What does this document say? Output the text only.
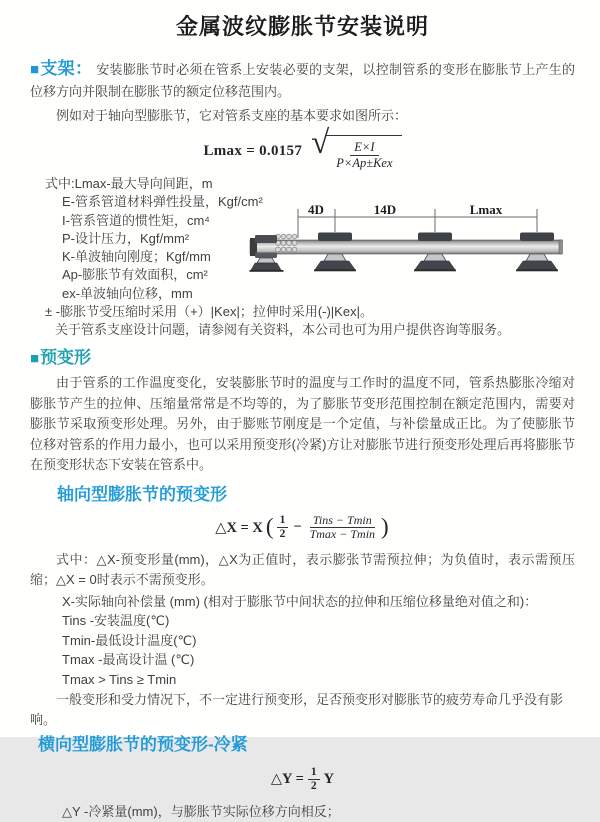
金属波纹膨胀节安装说明

■支架： 安装膨胀节时必须在管系上安装必要的支架，以控制管系的变形在膨胀节上产生的位移方向并限制在膨胀节的额定位移范围内。

例如对于轴向型膨胀节，它对管系支座的基本要求如图所示：

Lmax = 0.0157 √ $\frac{E\times I}{\text{P×Ap±Kex}}$
式中:Lmax-最大导向间距，m
E-管系管道材料弹性投量，Kgf/cm²
I-管系管道的惯性矩，cm⁴
P-设计压力，Kgf/mm²
K-单波轴向刚度；Kgf/mm
Ap-膨胀节有效面积，cm²
ex-单波轴向位移，mm
± -膨胀节受压缩时采用（+）|Kex|；拉伸时采用(-)|Kex|。
关于管系支座设计问题，请参阅有关资料，本公司也可为用户提供咨询等服务。
4D	14D	Lmax
■预变形

由于管系的工作温度变化，安装膨胀节时的温度与工作时的温度不同，管系热膨胀冷缩对膨胀节产生的拉伸、压缩量常常是不均等的，为了膨胀节变形范围控制在额定范围内，需要对膨胀节采取预变形处理。另外，由于膨账节刚度是一个定值，与补偿量成正比。为了使膨胀节位移对管系的作用力最小，也可以采用预变形(冷紧)方让对膨胀节进行预变形处理后再将膨胀节在预变形状态下安装在管系中。

轴向型膨胀节的预变形
△X = X ( 1
2 − Tins − Tmin
Tmax − Tmin )

式中：△X-预变形量(mm)，△X为正值时，表示膨张节需预拉伸；为负值时，表示需预压缩；△X = 0时表示不需预变形。

X-实际轴向补偿量 (mm) (相对于膨胀节中间状态的拉伸和压缩位移量绝对值之和)：
Tins -安装温度(℃)
Tmin-最低设计温度(℃)
Tmax -最高设计温 (℃)
Tmax > Tins ≥ Tmin

一般变形和受力情况下，不一定进行预变形，足否预变形对膨胀节的疲劳寿命几乎没有影响。

横向型膨胀节的预变形-冷紧
△Y = $\frac{1}{2}$ Y
△Y -冷紧量(mm)，与膨胀节实际位移方向相反；
